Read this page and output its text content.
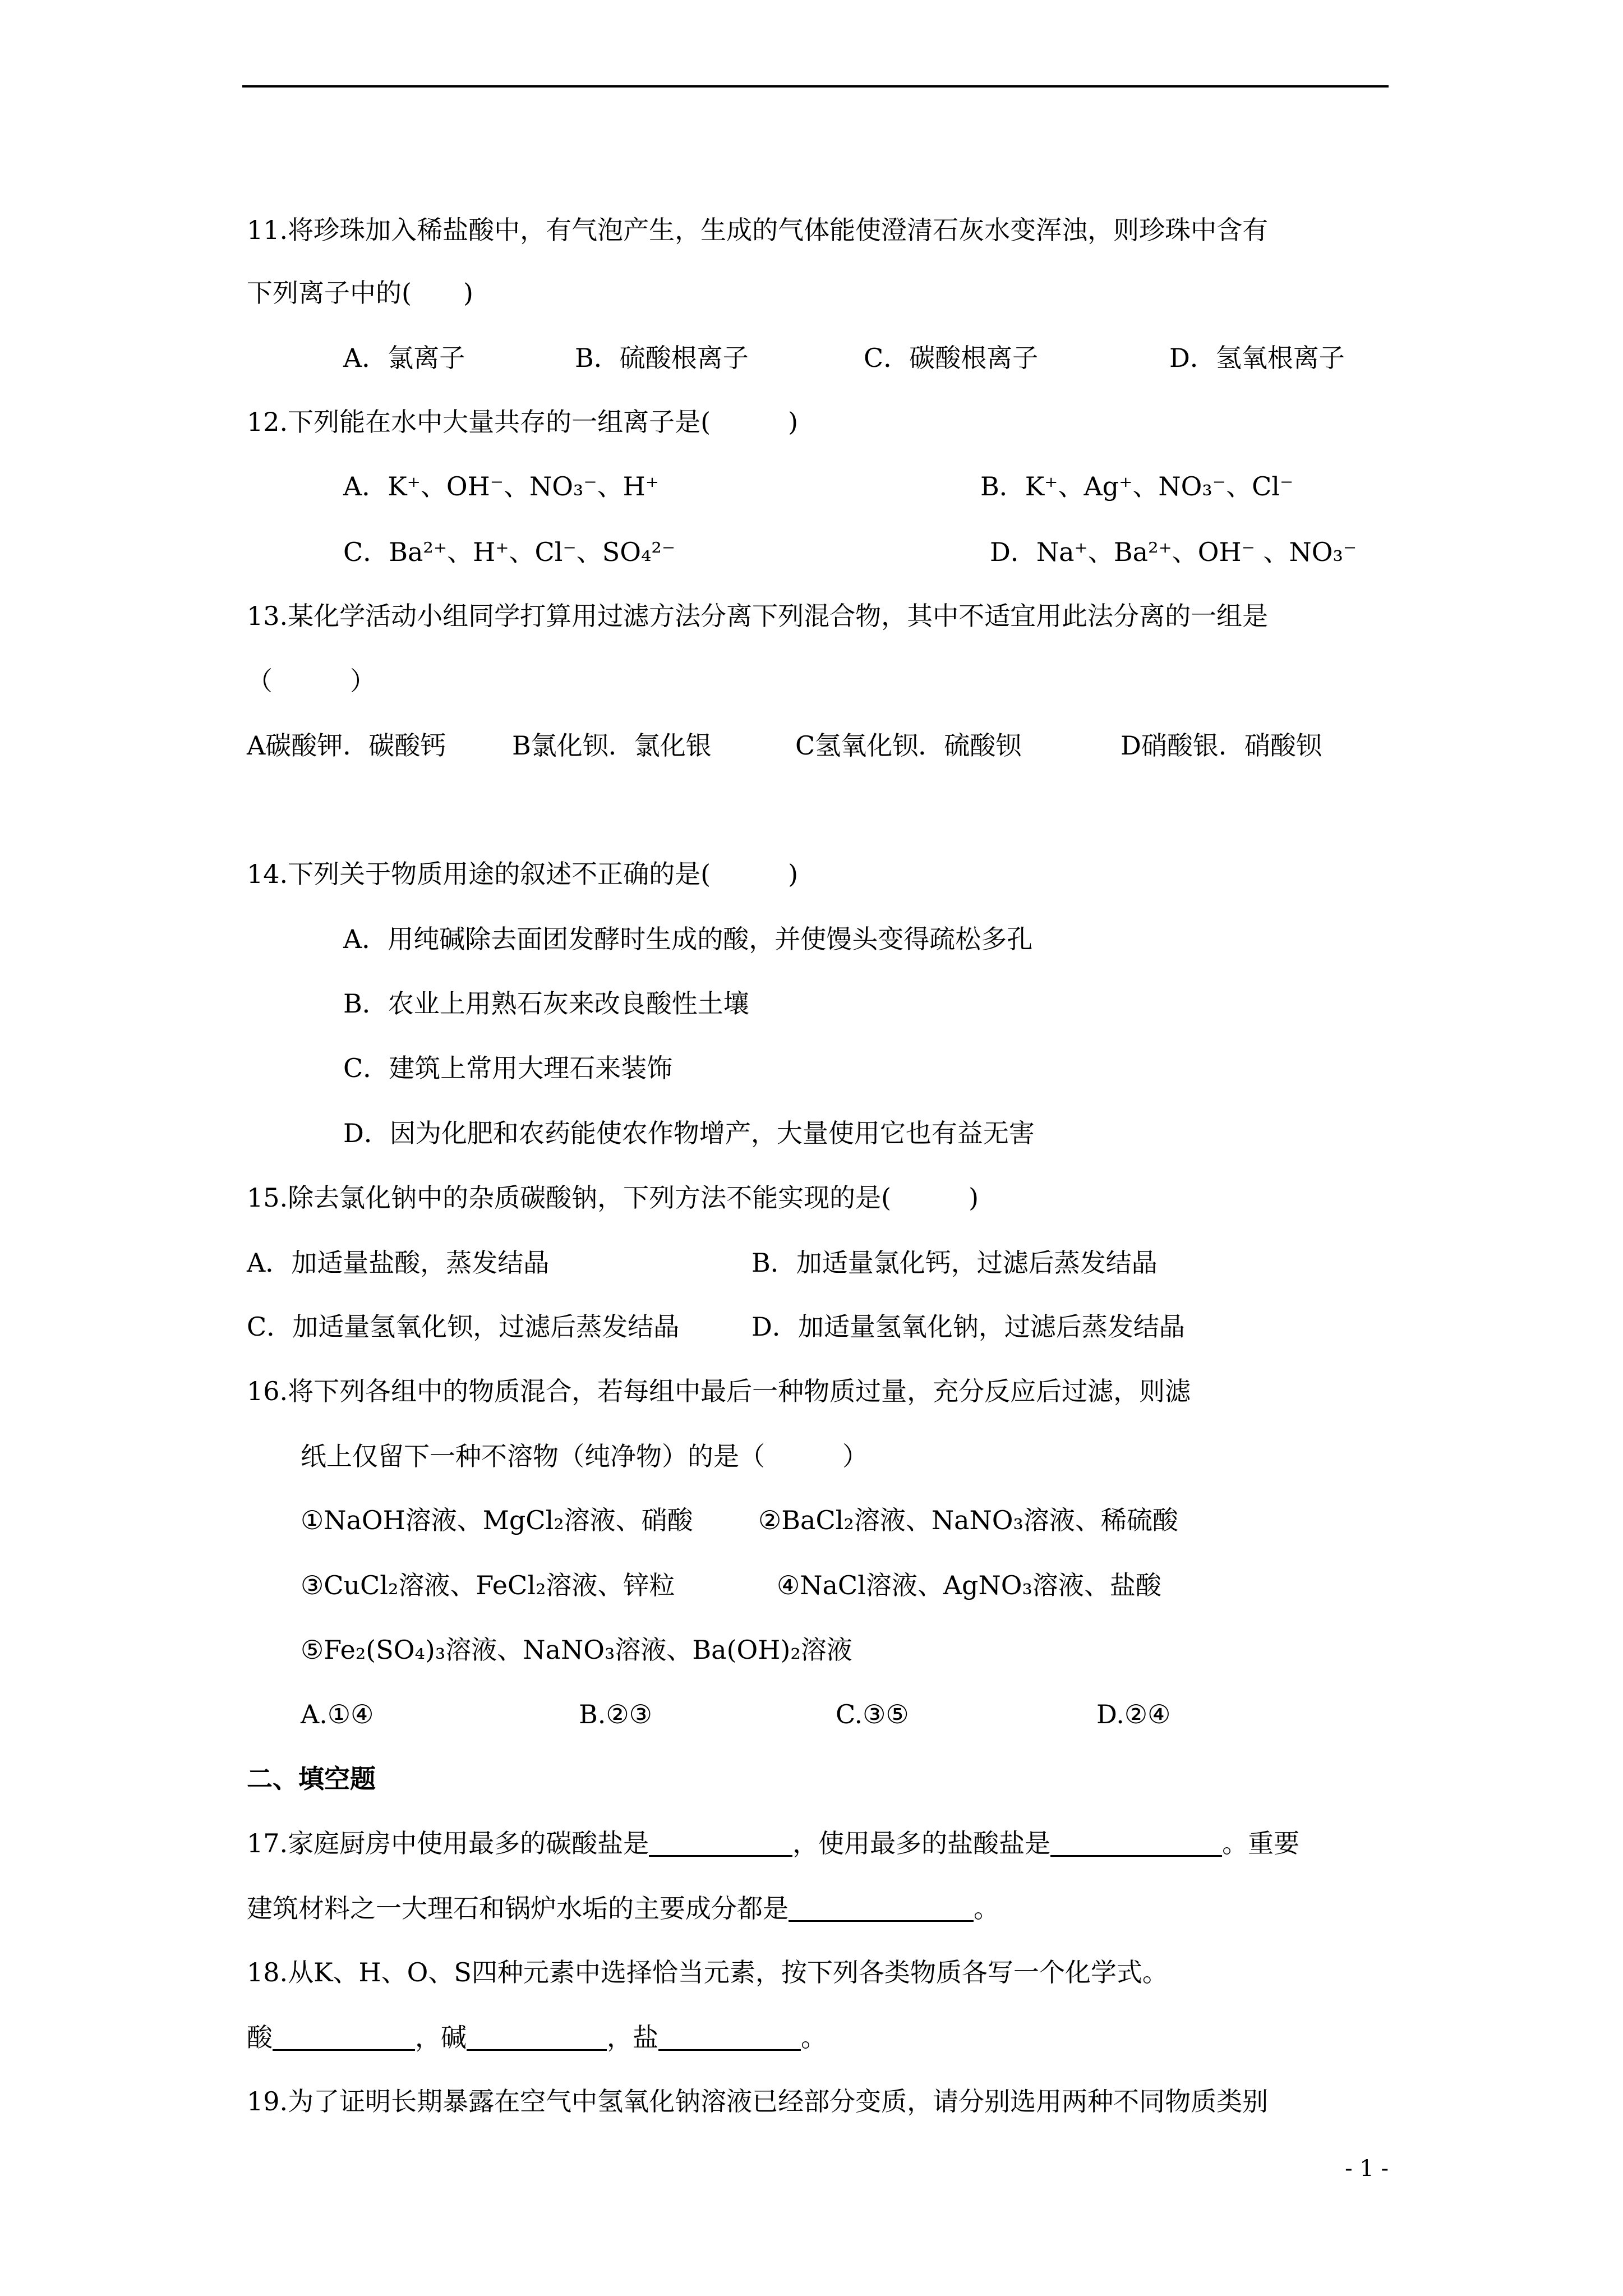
11.将珍珠加入稀盐酸中，有气泡产生，生成的气体能使澄清石灰水变浑浊，则珍珠中含有
下列离子中的(　　)
A．氯离子	B．硫酸根离子	C．碳酸根离子	D．氢氧根离子
12.下列能在水中大量共存的一组离子是(　　　)
A．K⁺、OH⁻、NO₃⁻、H⁺	B．K⁺、Ag⁺、NO₃⁻、Cl⁻
C．Ba²⁺、H⁺、Cl⁻、SO₄²⁻	D．Na⁺、Ba²⁺、OH⁻ 、NO₃⁻
13.某化学活动小组同学打算用过滤方法分离下列混合物，其中不适宜用此法分离的一组是
（　　　）
A碳酸钾．碳酸钙	B氯化钡．氯化银	C氢氧化钡．硫酸钡	D硝酸银．硝酸钡
14.下列关于物质用途的叙述不正确的是(　　　)
A．用纯碱除去面团发酵时生成的酸，并使馒头变得疏松多孔
B．农业上用熟石灰来改良酸性土壤
C．建筑上常用大理石来装饰
D．因为化肥和农药能使农作物增产，大量使用它也有益无害
15.除去氯化钠中的杂质碳酸钠，下列方法不能实现的是(　　　)
A．加适量盐酸，蒸发结晶	B．加适量氯化钙，过滤后蒸发结晶
C．加适量氢氧化钡，过滤后蒸发结晶	D．加适量氢氧化钠，过滤后蒸发结晶
16.将下列各组中的物质混合，若每组中最后一种物质过量，充分反应后过滤，则滤
纸上仅留下一种不溶物（纯净物）的是（　　　）
①NaOH溶液、MgCl₂溶液、硝酸	②BaCl₂溶液、NaNO₃溶液、稀硫酸
③CuCl₂溶液、FeCl₂溶液、锌粒	④NaCl溶液、AgNO₃溶液、盐酸
⑤Fe₂(SO₄)₃溶液、NaNO₃溶液、Ba(OH)₂溶液
A.①④	B.②③	C.③⑤	D.②④
二、填空题
17.家庭厨房中使用最多的碳酸盐是	，使用最多的盐酸盐是	。重要
建筑材料之一大理石和锅炉水垢的主要成分都是	。
18.从K、H、O、S四种元素中选择恰当元素，按下列各类物质各写一个化学式。
酸	，碱	，盐	。
19.为了证明长期暴露在空气中氢氧化钠溶液已经部分变质，请分别选用两种不同物质类别
- 1 -
